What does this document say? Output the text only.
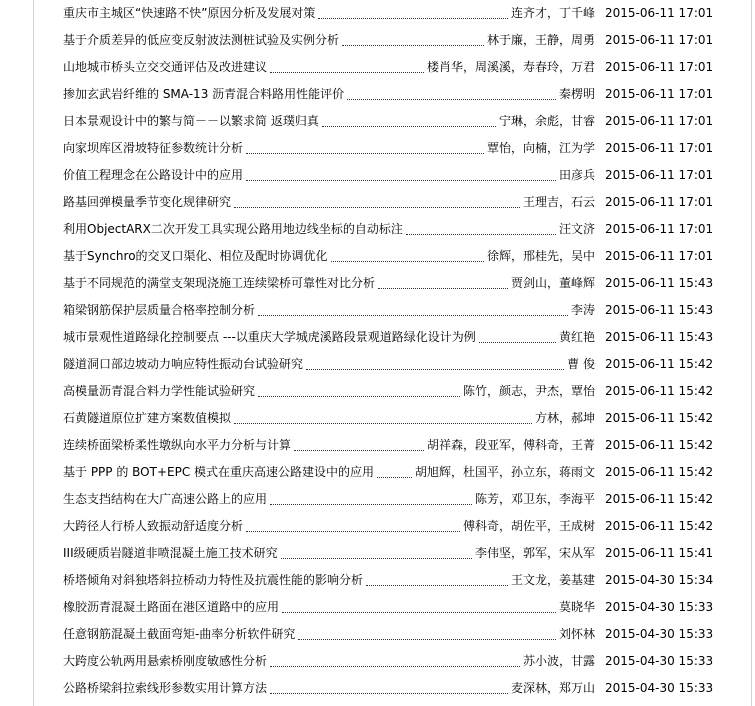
重庆市主城区“快速路不快”原因分析及发展对策	连齐才，丁千峰 2015-06-11 17:01
基于介质差异的低应变反射波法测桩试验及实例分析	林于廉，王静，周勇 2015-06-11 17:01
山地城市桥头立交交通评估及改进建议	楼肖华，周溪溪，寿春玲，万君 2015-06-11 17:01
掺加玄武岩纤维的 SMA-13 沥青混合料路用性能评价	秦楞明 2015-06-11 17:01
日本景观设计中的繁与简－－以繁求简 返璞归真	宁琳，余彪，甘睿 2015-06-11 17:01
向家坝库区滑坡特征参数统计分析	覃怡，向楠，江为学 2015-06-11 17:01
价值工程理念在公路设计中的应用	田彦兵 2015-06-11 17:01
路基回弹模量季节变化规律研究	王理吉，石云 2015-06-11 17:01
利用ObjectARX二次开发工具实现公路用地边线坐标的自动标注	汪文济 2015-06-11 17:01
基于Synchro的交叉口渠化、相位及配时协调优化	徐辉，邢桂先，吴中 2015-06-11 17:01
基于不同规范的满堂支架现浇施工连续梁桥可靠性对比分析	贾剑山，董峰辉 2015-06-11 15:43
箱梁钢筋保护层质量合格率控制分析	李涛 2015-06-11 15:43
城市景观性道路绿化控制要点 ---以重庆大学城虎溪路段景观道路绿化设计为例	黄红艳 2015-06-11 15:43
隧道洞口部边坡动力响应特性振动台试验研究	曹 俊 2015-06-11 15:42
高模量沥青混合料力学性能试验研究	陈竹，颜志，尹杰，覃怡 2015-06-11 15:42
石黄隧道原位扩建方案数值模拟	方林，郝坤 2015-06-11 15:42
连续桥面梁桥柔性墩纵向水平力分析与计算	胡祥森，段亚军，傅科奇，王菁 2015-06-11 15:42
基于 PPP 的 BOT+EPC 模式在重庆高速公路建设中的应用	胡旭辉，杜国平，孙立东，蒋雨文 2015-06-11 15:42
生态支挡结构在大广高速公路上的应用	陈芳，邓卫东，李海平 2015-06-11 15:42
大跨径人行桥人致振动舒适度分析	傅科奇，胡佐平，王成树 2015-06-11 15:42
III级硬质岩隧道非喷混凝土施工技术研究	李伟坚，郭军，宋从军 2015-06-11 15:41
桥塔倾角对斜独塔斜拉桥动力特性及抗震性能的影响分析	王文龙，姜基建 2015-04-30 15:34
橡胶沥青混凝土路面在港区道路中的应用	莫晓华 2015-04-30 15:33
任意钢筋混凝土截面弯矩-曲率分析软件研究	刘怀林 2015-04-30 15:33
大跨度公轨两用悬索桥刚度敏感性分析	苏小波，甘露 2015-04-30 15:33
公路桥梁斜拉索线形参数实用计算方法	麦深林，郑万山 2015-04-30 15:33
